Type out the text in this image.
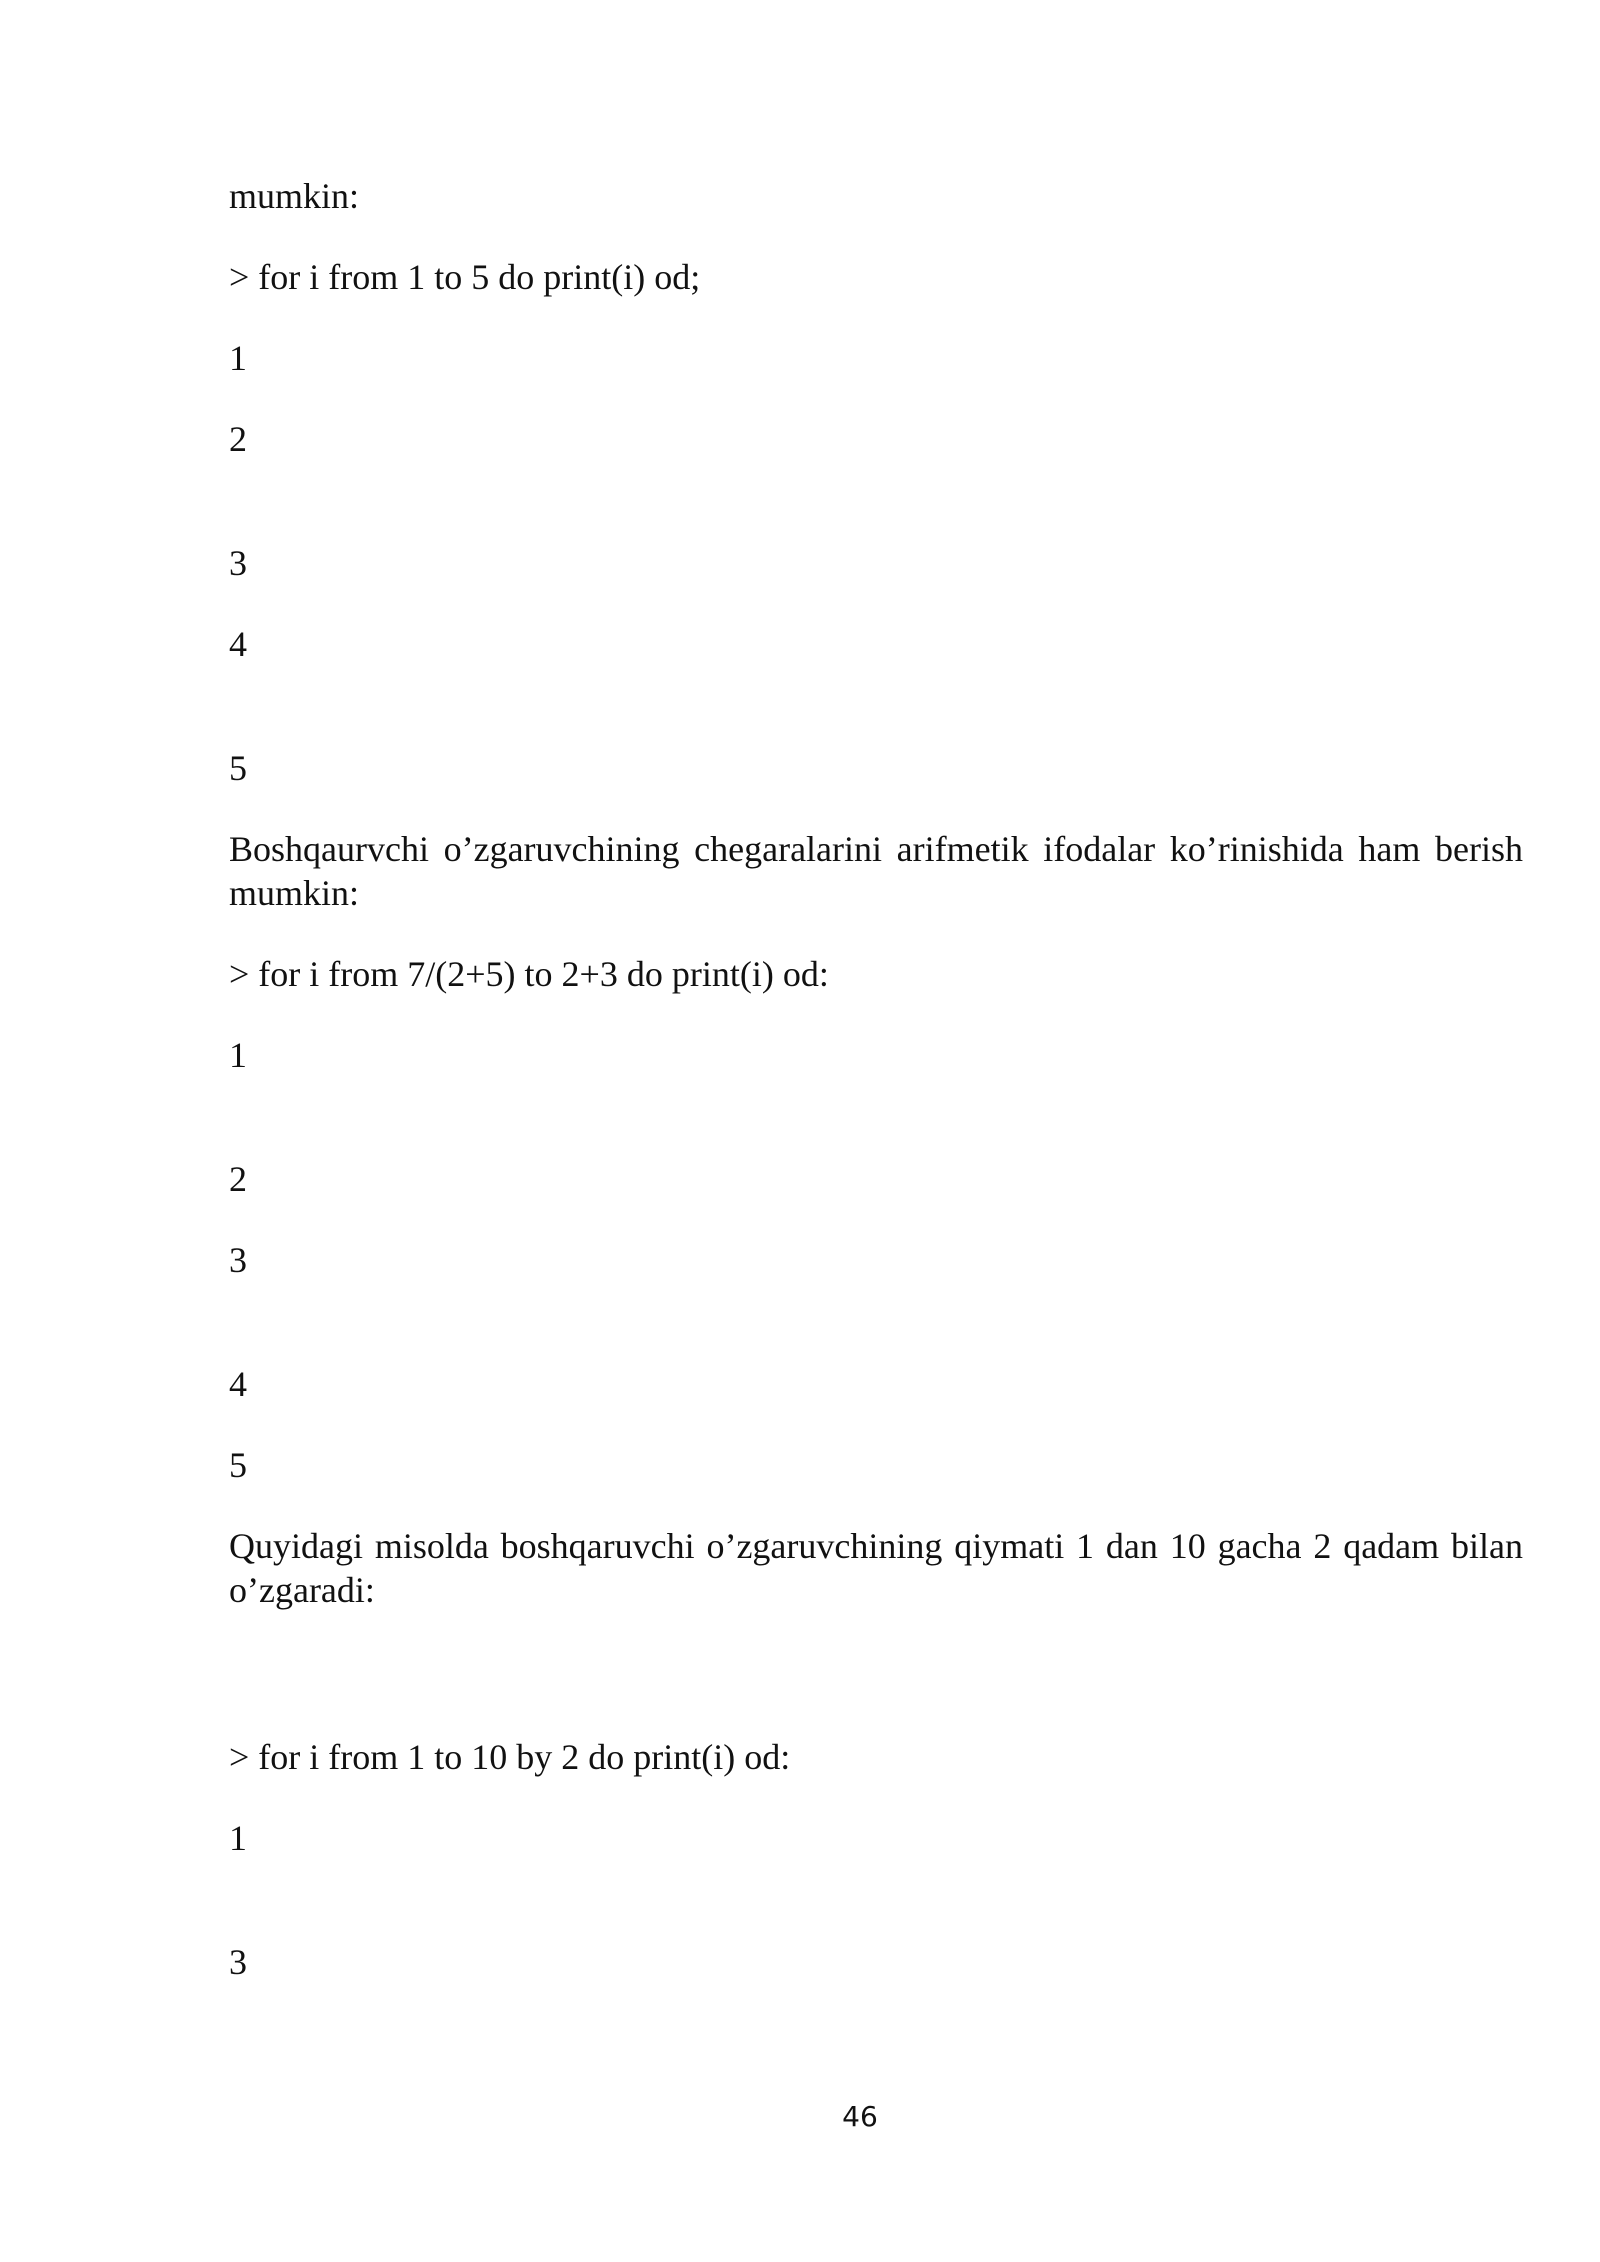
mumkin:
> for i from 1 to 5 do print(i) od;
1
2
3
4
5
Boshqaurvchi o’zgaruvchining chegaralarini arifmetik ifodalar ko’rinishida ham berish mumkin:
> for i from 7/(2+5) to 2+3 do print(i) od:
1
2
3
4
5
Quyidagi misolda boshqaruvchi o’zgaruvchining qiymati 1 dan 10 gacha 2 qadam bilan o’zgaradi:
> for i from 1 to 10 by 2 do print(i) od:
1
3
46
